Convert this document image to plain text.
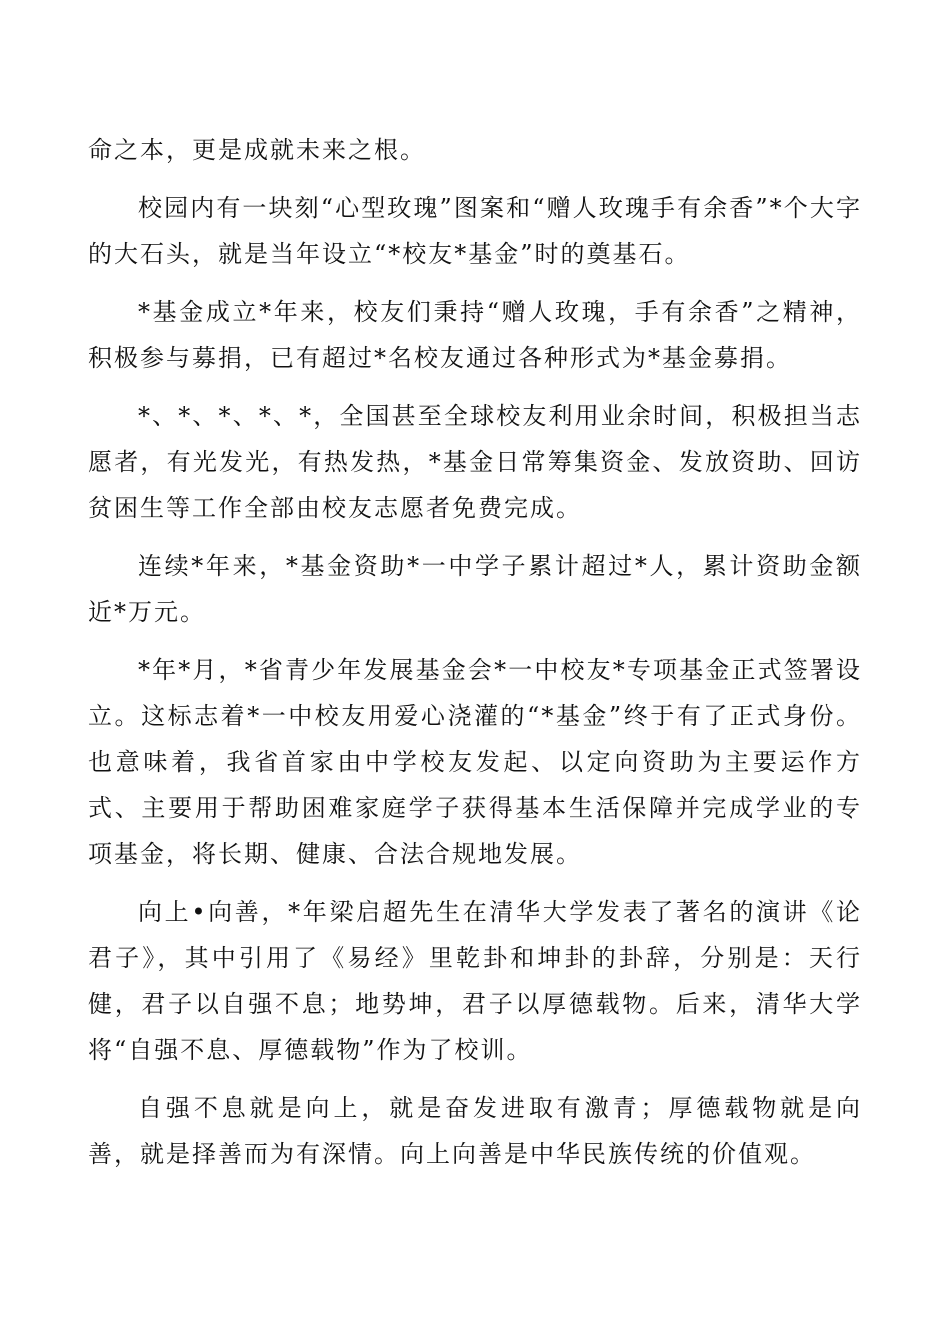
命之本，更是成就未来之根。

校园内有一块刻“心型玫瑰”图案和“赠人玫瑰手有余香”*个大字的大石头，就是当年设立“*校友*基金”时的奠基石。

*基金成立*年来，校友们秉持“赠人玫瑰，手有余香”之精神，积极参与募捐，已有超过*名校友通过各种形式为*基金募捐。

*、*、*、*、*，全国甚至全球校友利用业余时间，积极担当志愿者，有光发光，有热发热，*基金日常筹集资金、发放资助、回访贫困生等工作全部由校友志愿者免费完成。

连续*年来，*基金资助*一中学子累计超过*人，累计资助金额近*万元。

*年*月，*省青少年发展基金会*一中校友*专项基金正式签署设立。这标志着*一中校友用爱心浇灌的“*基金”终于有了正式身份。也意味着，我省首家由中学校友发起、以定向资助为主要运作方式、主要用于帮助困难家庭学子获得基本生活保障并完成学业的专项基金，将长期、健康、合法合规地发展。

向上•向善，*年梁启超先生在清华大学发表了著名的演讲《论君子》，其中引用了《易经》里乾卦和坤卦的卦辞，分别是：天行健，君子以自强不息；地势坤，君子以厚德载物。后来，清华大学将“自强不息、厚德载物”作为了校训。

自强不息就是向上，就是奋发进取有激青；厚德载物就是向善，就是择善而为有深情。向上向善是中华民族传统的价值观。
